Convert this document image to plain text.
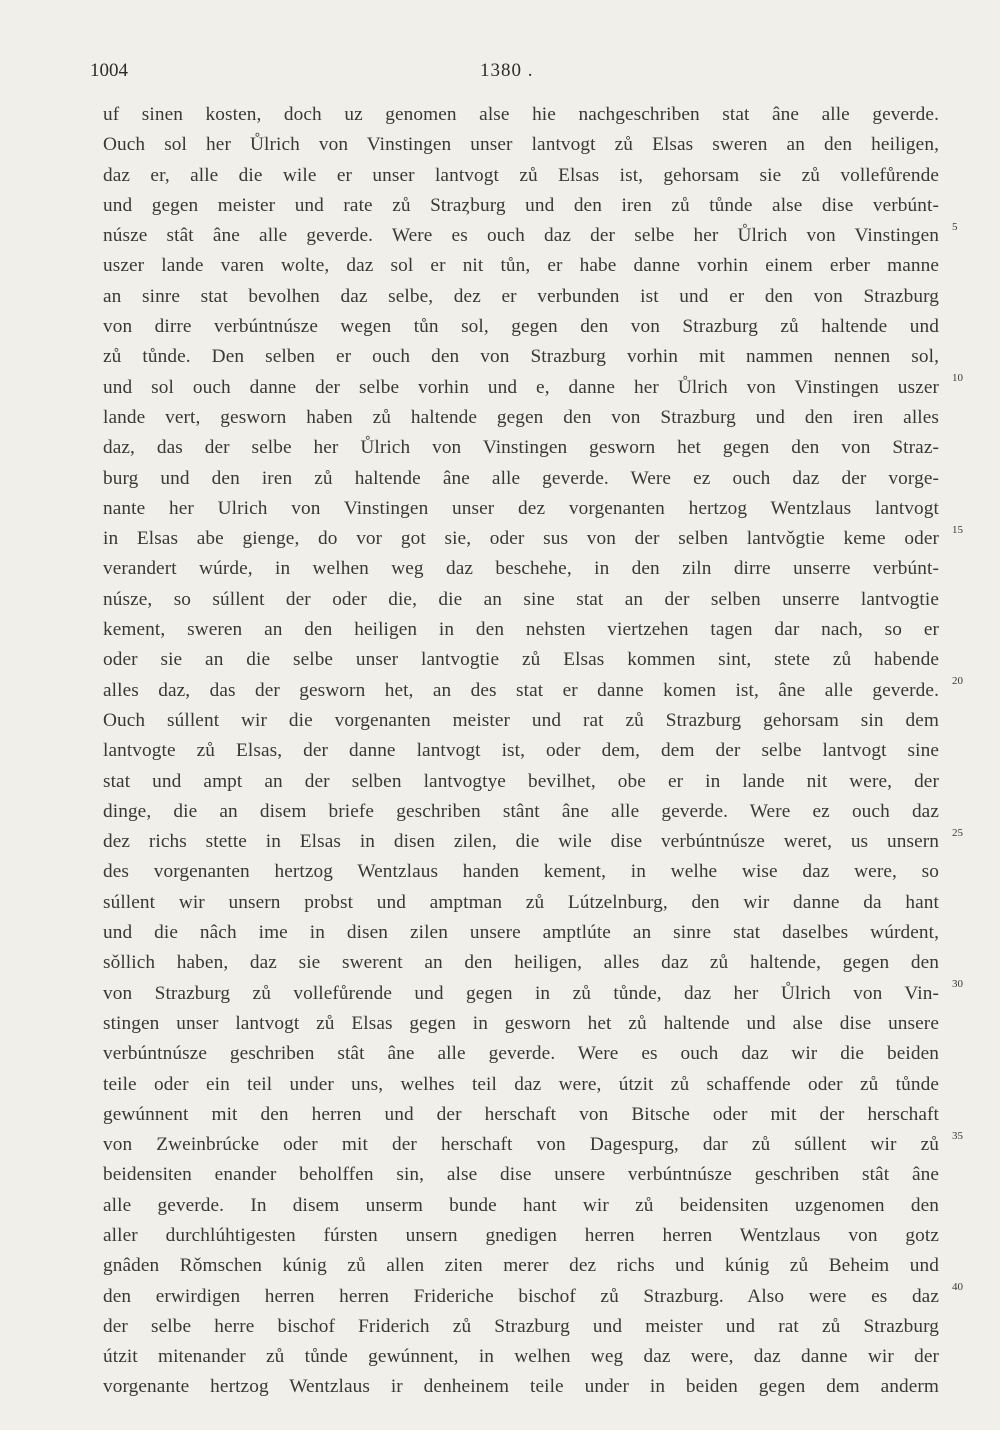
1004	1380 .
uf sinen kosten, doch uz genomen alse hie nachgeschriben stat âne alle geverde.
Ouch sol her Ůlrich von Vinstingen unser lantvogt zů Elsas sweren an den heiligen,
daz er, alle die wile er unser lantvogt zů Elsas ist, gehorsam sie zů vollefůrende
und gegen meister und rate zů Straȥburg und den iren zů tůnde alse dise verbúnt-
núsze stât âne alle geverde. Were es ouch daz der selbe her Ůlrich von Vinstingen
uszer lande varen wolte, daz sol er nit tůn, er habe danne vorhin einem erber manne
an sinre stat bevolhen daz selbe, dez er verbunden ist und er den von Strazburg
von dirre verbúntnúsze wegen tůn sol, gegen den von Strazburg zů haltende und
zů tůnde. Den selben er ouch den von Strazburg vorhin mit nammen nennen sol,
und sol ouch danne der selbe vorhin und e, danne her Ůlrich von Vinstingen uszer
lande vert, gesworn haben zů haltende gegen den von Strazburg und den iren alles
daz, das der selbe her Ůlrich von Vinstingen gesworn het gegen den von Straz-
burg und den iren zů haltende âne alle geverde. Were ez ouch daz der vorge-
nante her Ulrich von Vinstingen unser dez vorgenanten hertzog Wentzlaus lantvogt
in Elsas abe gienge, do vor got sie, oder sus von der selben lantvǒgtie keme oder
verandert wúrde, in welhen weg daz beschehe, in den ziln dirre unserre verbúnt-
núsze, so súllent der oder die, die an sine stat an der selben unserre lantvogtie
kement, sweren an den heiligen in den nehsten viertzehen tagen dar nach, so er
oder sie an die selbe unser lantvogtie zů Elsas kommen sint, stete zů habende
alles daz, das der gesworn het, an des stat er danne komen ist, âne alle geverde.
Ouch súllent wir die vorgenanten meister und rat zů Strazburg gehorsam sin dem
lantvogte zů Elsas, der danne lantvogt ist, oder dem, dem der selbe lantvogt sine
stat und ampt an der selben lantvogtye bevilhet, obe er in lande nit were, der
dinge, die an disem briefe geschriben stânt âne alle geverde. Were ez ouch daz
dez richs stette in Elsas in disen zilen, die wile dise verbúntnúsze weret, us unsern
des vorgenanten hertzog Wentzlaus handen kement, in welhe wise daz were, so
súllent wir unsern probst und amptman zů Lútzelnburg, den wir danne da hant
und die nâch ime in disen zilen unsere amptlúte an sinre stat daselbes wúrdent,
sǒllich haben, daz sie swerent an den heiligen, alles daz zů haltende, gegen den
von Strazburg zů vollefůrende und gegen in zů tůnde, daz her Ůlrich von Vin-
stingen unser lantvogt zů Elsas gegen in gesworn het zů haltende und alse dise unsere
verbúntnúsze geschriben stât âne alle geverde. Were es ouch daz wir die beiden
teile oder ein teil under uns, welhes teil daz were, útzit zů schaffende oder zů tůnde
gewúnnent mit den herren und der herschaft von Bitsche oder mit der herschaft
von Zweinbrúcke oder mit der herschaft von Dagespurg, dar zů súllent wir zů
beidensiten enander beholffen sin, alse dise unsere verbúntnúsze geschriben stât âne
alle geverde. In disem unserm bunde hant wir zů beidensiten uzgenomen den
aller durchlúhtigesten fúrsten unsern gnedigen herren herren Wentzlaus von gotz
gnâden Rǒmschen kúnig zů allen ziten merer dez richs und kúnig zů Beheim und
den erwirdigen herren herren Friderichе bischof zů Strazburg. Also were es daz
der selbe herre bischof Friderich zů Strazburg und meister und rat zů Strazburg
útzit mitenander zů tůnde gewúnnent, in welhen weg daz were, daz danne wir der
vorgenante hertzog Wentzlaus ir denheinem teile under in beiden gegen dem anderm
5
10
15
20
25
30
35
40
